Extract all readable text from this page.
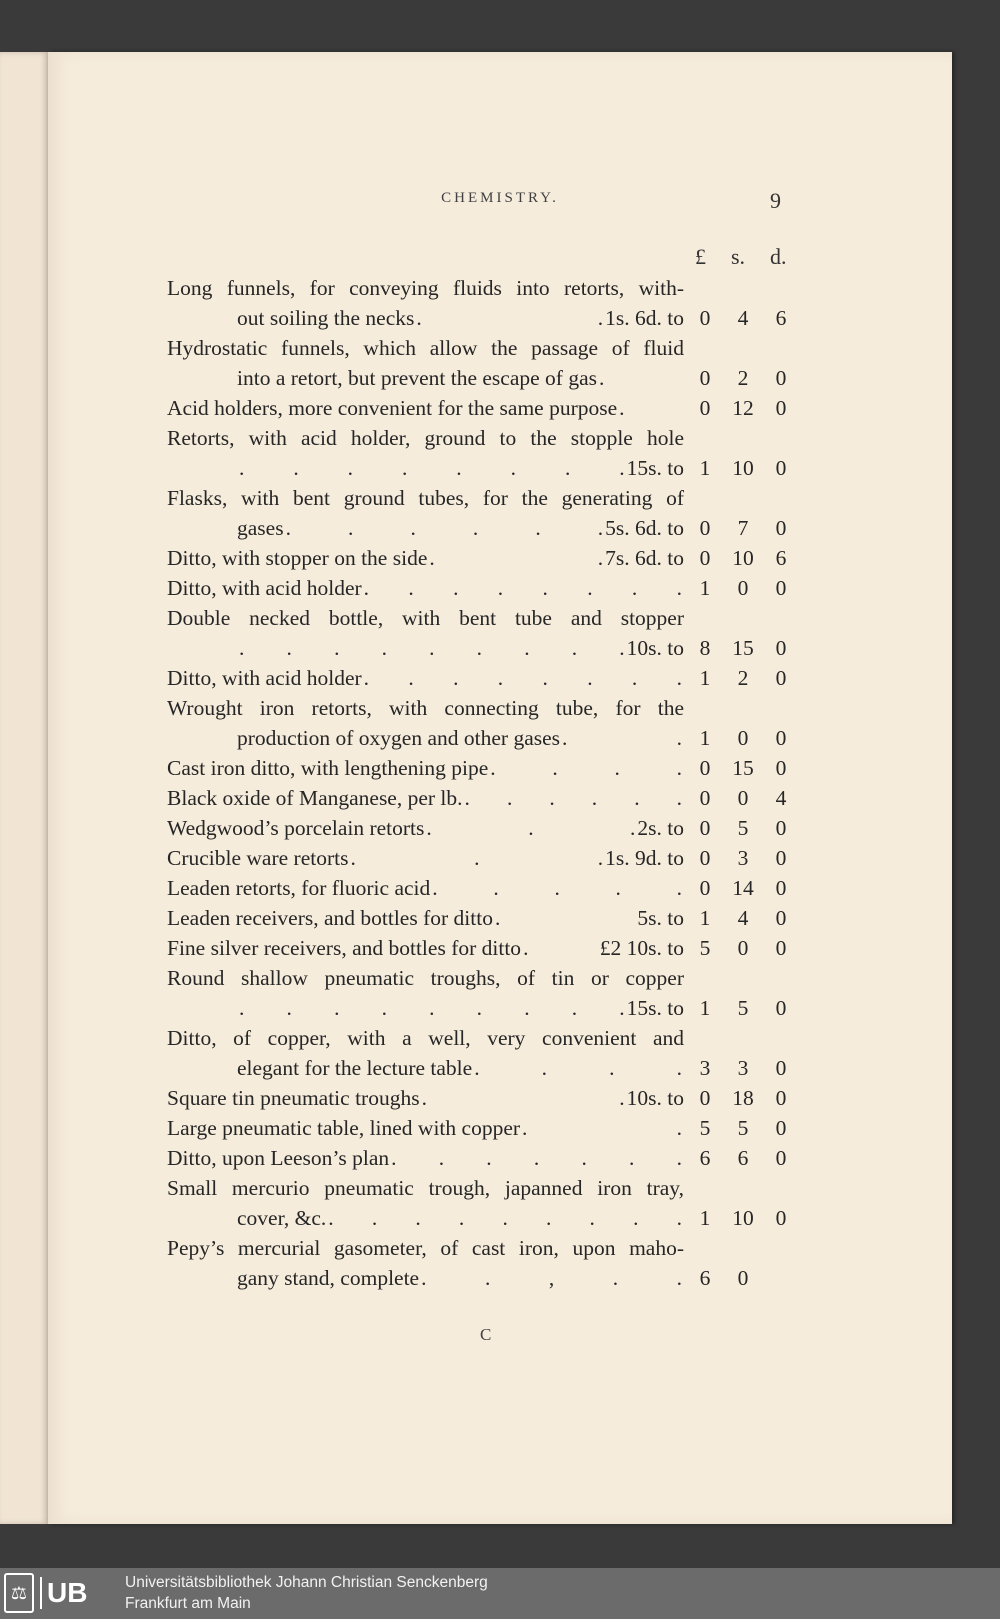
CHEMISTRY.	9
£ s. d.
Long funnels, for conveying fluids into retorts, with-
out soiling the necks . . 1s. 6d. to 0	4	6
Hydrostatic funnels, which allow the passage of fluid
into a retort, but prevent the escape of gas .	0	2	0
Acid holders, more convenient for the same purpose .	0	12	0
Retorts, with acid holder, ground to the stopple hole
. . . . . . . . 15s. to 1	10	0
Flasks, with bent ground tubes, for the generating of
gases . . . . . . 5s. 6d. to 0	7	0
Ditto, with stopper on the side . . 7s. 6d. to 0	10	6
Ditto, with acid holder . . . . . . . . 1	0	0
Double necked bottle, with bent tube and stopper
. . . . . . . . . 10s. to 8	15	0
Ditto, with acid holder . . . . . . . . 1	2	0
Wrought iron retorts, with connecting tube, for the
production of oxygen and other gases . . 1	0	0
Cast iron ditto, with lengthening pipe . . . . 0	15	0
Black oxide of Manganese, per lb. . . . . . . 0	0	4
Wedgwood’s porcelain retorts . . . 2s. to 0	5	0
Crucible ware retorts . . . 1s. 9d. to 0	3	0
Leaden retorts, for fluoric acid . . . . . 0	14	0
Leaden receivers, and bottles for ditto .	5s. to 1	4	0
Fine silver receivers, and bottles for ditto .	£2 10s. to 5	0	0
Round shallow pneumatic troughs, of tin or copper
. . . . . . . . . 15s. to 1	5	0
Ditto, of copper, with a well, very convenient and
elegant for the lecture table . . . . 3	3	0
Square tin pneumatic troughs . . 10s. to 0	18	0
Large pneumatic table, lined with copper . . 5	5	0
Ditto, upon Leeson’s plan . . . . . . . 6	6	0
Small mercurio pneumatic trough, japanned iron tray,
cover, &c. . . . . . . . . . 1	10	0
Pepy’s mercurial gasometer, of cast iron, upon maho-
gany stand, complete . . , . . 6	0
C
⚖ UB Universitätsbibliothek Johann Christian Senckenberg
Frankfurt am Main
